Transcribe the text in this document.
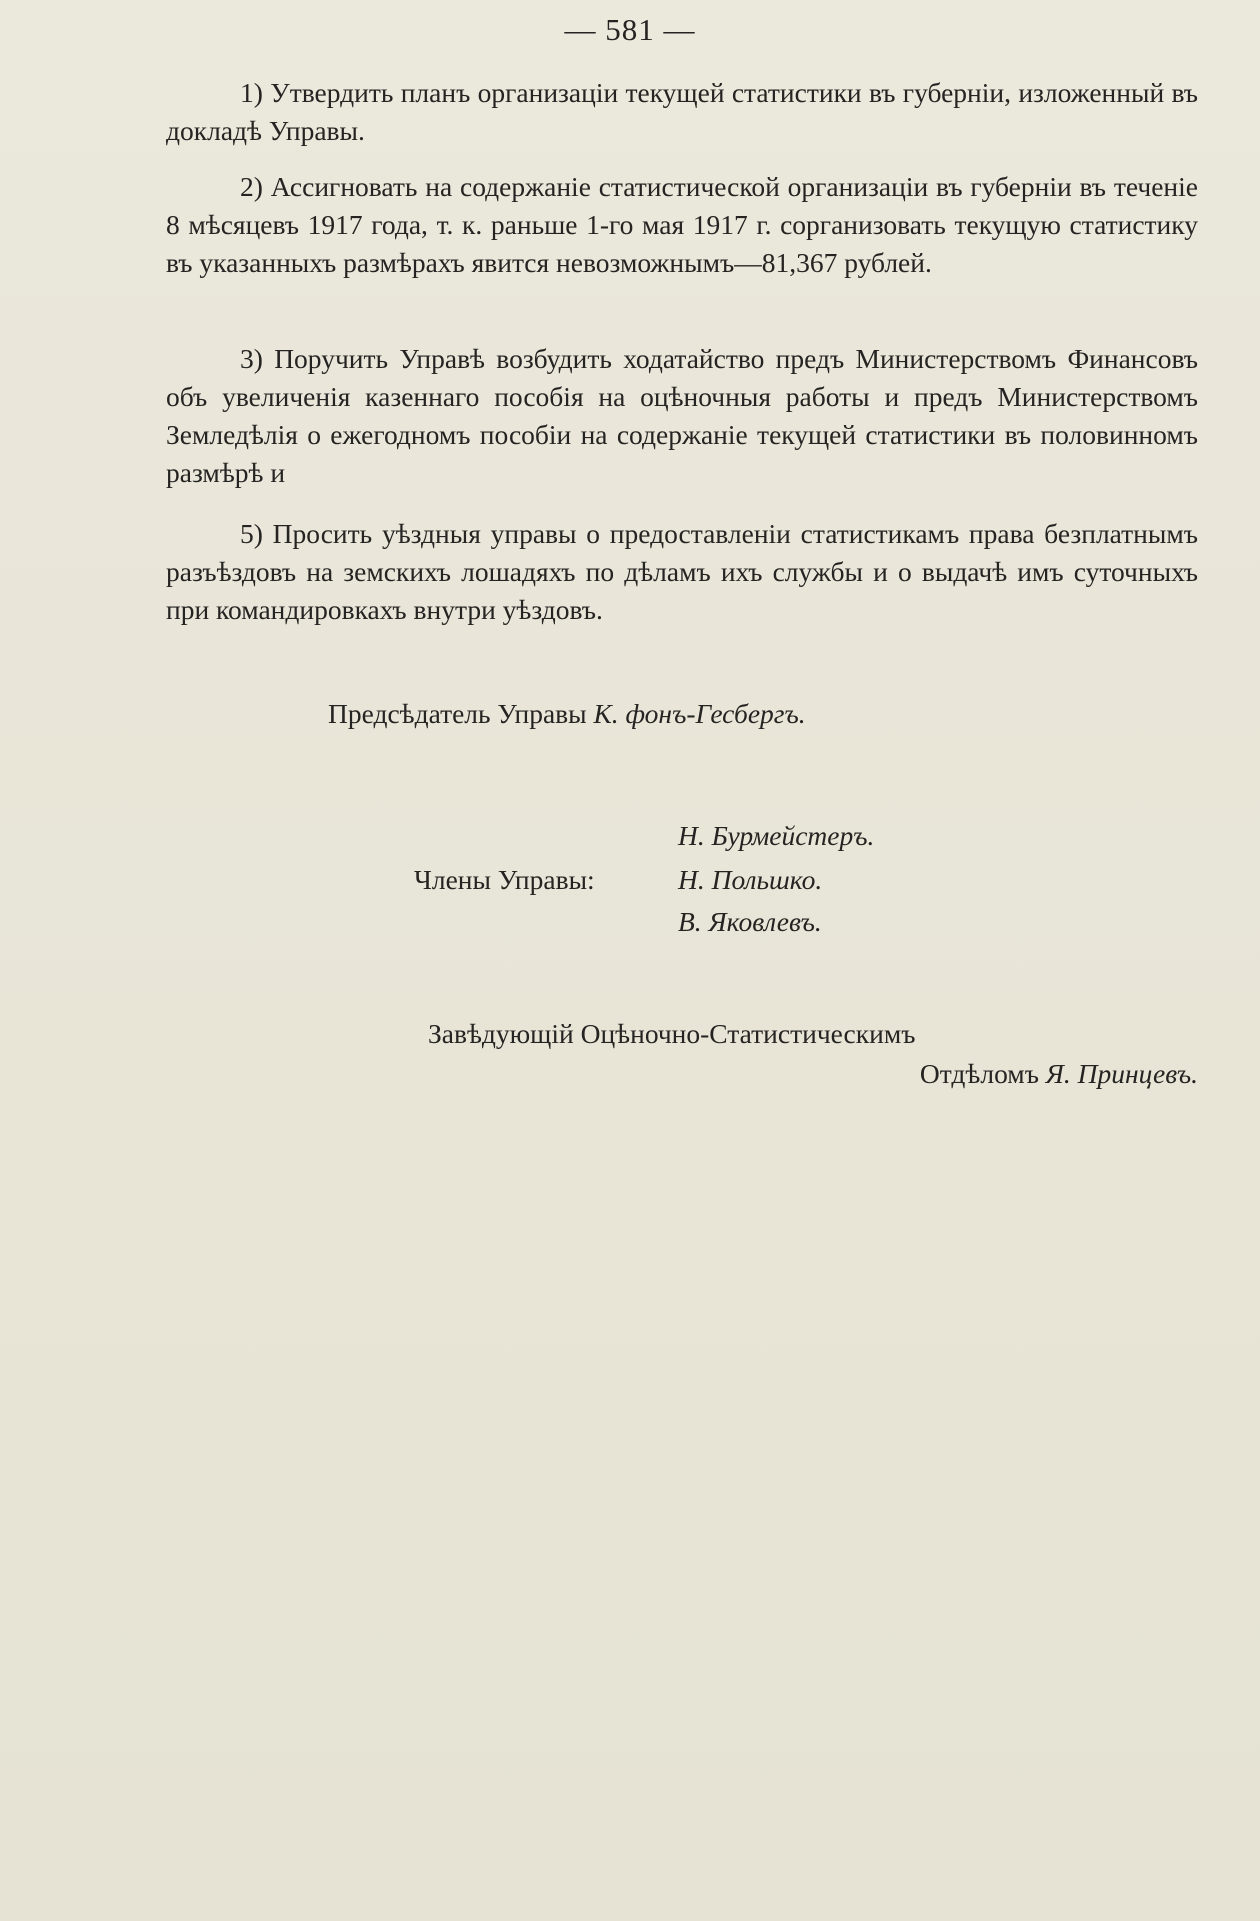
— 581 —

1) Утвердить планъ организацiи текущей статистики въ губернiи, изложенный въ докладѣ Управы.

2) Ассигновать на содержанiе статистической организацiи въ губернiи въ теченiе 8 мѣсяцевъ 1917 года, т. к. раньше 1-го мая 1917 г. сорганизовать текущую статистику въ указанныхъ размѣрахъ явится невозможнымъ—81,367 рублей.

3) Поручить Управѣ возбудить ходатайство предъ Министерствомъ Финансовъ объ увеличенiя казеннаго пособiя на оцѣночныя работы и предъ Министерствомъ Земледѣлiя о ежегодномъ пособiи на содержанiе текущей статистики въ половинномъ размѣрѣ и

5) Просить уѣздныя управы о предоставленiи статистикамъ права безплатнымъ разъѣздовъ на земскихъ лошадяхъ по дѣламъ ихъ службы и о выдачѣ имъ суточныхъ при командировкахъ внутри уѣздовъ.

Предсѣдатель Управы К. фонъ-Гесбергъ.
Н. Бурмейстеръ.
Члены Управы:	Н. Польшко.
В. Яковлевъ.
Завѣдующiй Оцѣночно-Статистическимъ
Отдѣломъ Я. Принцевъ.
